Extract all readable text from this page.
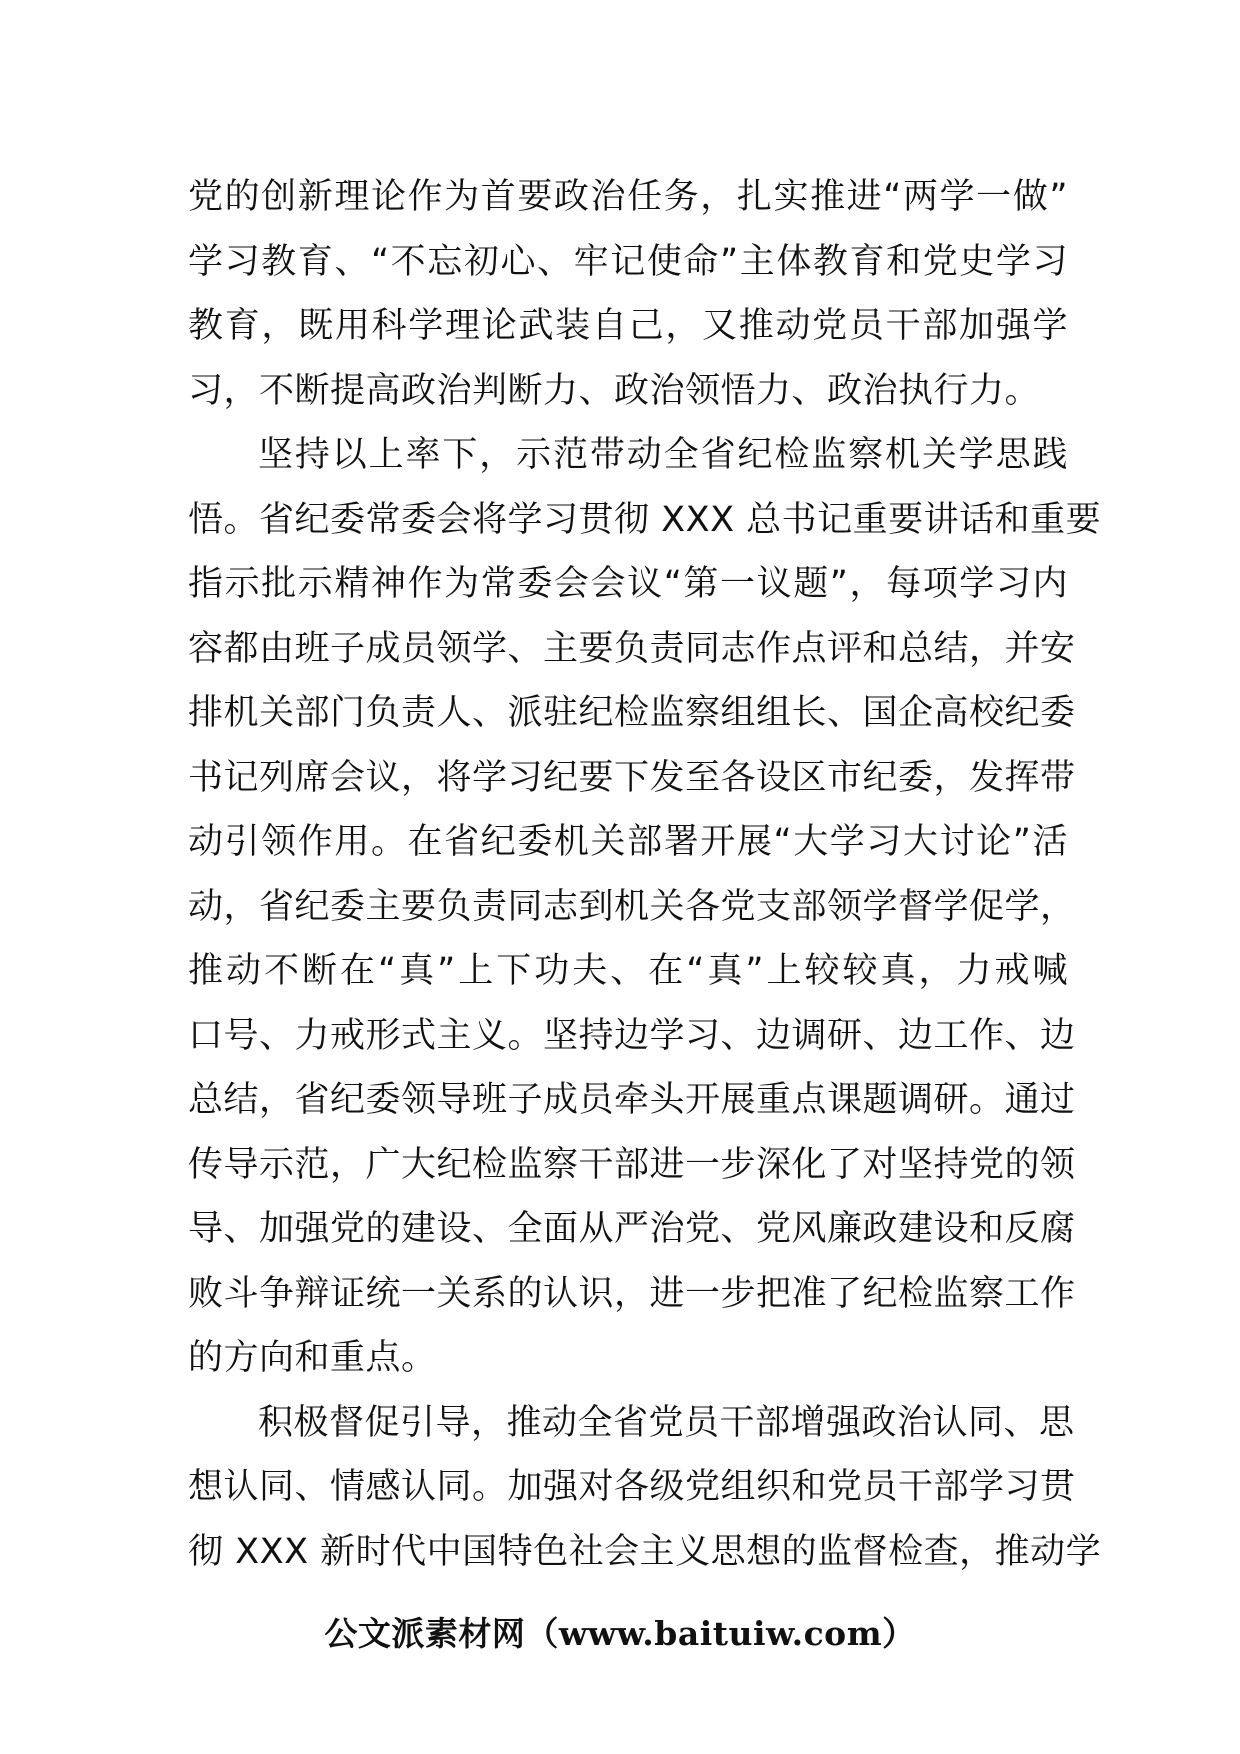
党的创新理论作为首要政治任务，扎实推进“两学一做”
学习教育、“不忘初心、牢记使命”主体教育和党史学习
教育，既用科学理论武装自己，又推动党员干部加强学
习，不断提高政治判断力、政治领悟力、政治执行力。
坚持以上率下，示范带动全省纪检监察机关学思践
悟。省纪委常委会将学习贯彻 XXX 总书记重要讲话和重要
指示批示精神作为常委会会议“第一议题”，每项学习内
容都由班子成员领学、主要负责同志作点评和总结，并安
排机关部门负责人、派驻纪检监察组组长、国企高校纪委
书记列席会议，将学习纪要下发至各设区市纪委，发挥带
动引领作用。在省纪委机关部署开展“大学习大讨论”活
动，省纪委主要负责同志到机关各党支部领学督学促学，
推动不断在“真”上下功夫、在“真”上较较真，力戒喊
口号、力戒形式主义。坚持边学习、边调研、边工作、边
总结，省纪委领导班子成员牵头开展重点课题调研。通过
传导示范，广大纪检监察干部进一步深化了对坚持党的领
导、加强党的建设、全面从严治党、党风廉政建设和反腐
败斗争辩证统一关系的认识，进一步把准了纪检监察工作
的方向和重点。
积极督促引导，推动全省党员干部增强政治认同、思
想认同、情感认同。加强对各级党组织和党员干部学习贯
彻 XXX 新时代中国特色社会主义思想的监督检查，推动学
公文派素材网（www.baituiw.com）
